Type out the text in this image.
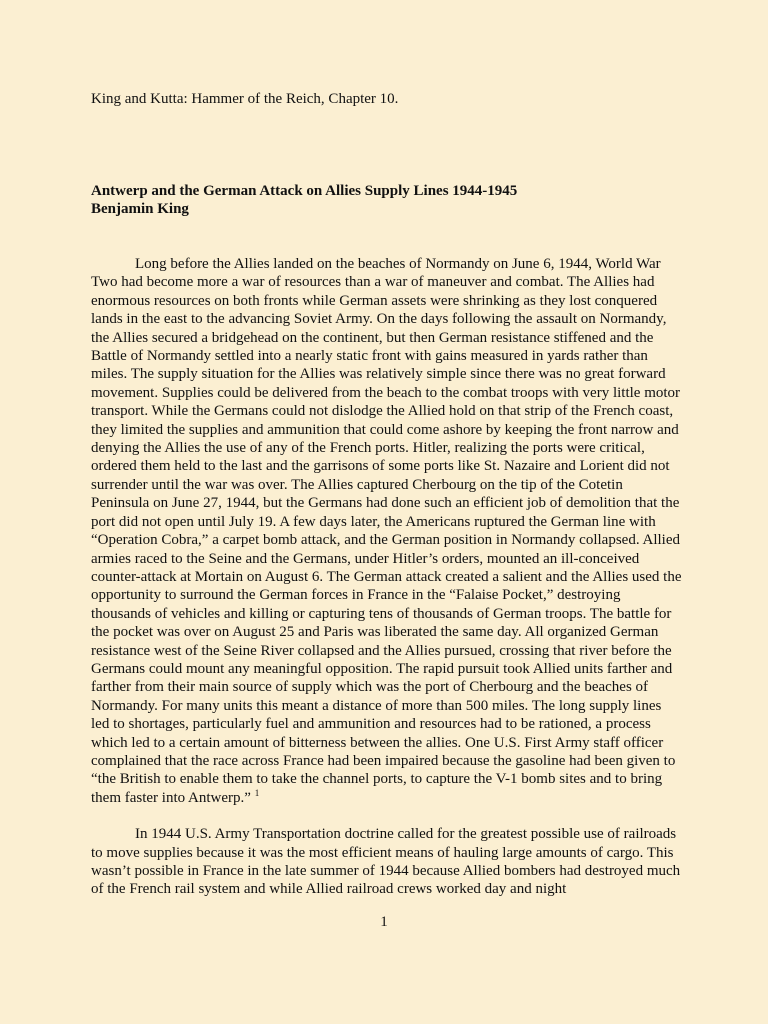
King and Kutta: Hammer of the Reich, Chapter 10.
Antwerp and the German Attack on Allies Supply Lines 1944-1945
Benjamin King

Long before the Allies landed on the beaches of Normandy on June 6, 1944, World War Two had become more a war of resources than a war of maneuver and combat. The Allies had enormous resources on both fronts while German assets were shrinking as they lost conquered lands in the east to the advancing Soviet Army. On the days following the assault on Normandy, the Allies secured a bridgehead on the continent, but then German resistance stiffened and the Battle of Normandy settled into a nearly static front with gains measured in yards rather than miles. The supply situation for the Allies was relatively simple since there was no great forward movement. Supplies could be delivered from the beach to the combat troops with very little motor transport. While the Germans could not dislodge the Allied hold on that strip of the French coast, they limited the supplies and ammunition that could come ashore by keeping the front narrow and denying the Allies the use of any of the French ports. Hitler, realizing the ports were critical, ordered them held to the last and the garrisons of some ports like St. Nazaire and Lorient did not surrender until the war was over. The Allies captured Cherbourg on the tip of the Cotetin Peninsula on June 27, 1944, but the Germans had done such an efficient job of demolition that the port did not open until July 19. A few days later, the Americans ruptured the German line with “Operation Cobra,” a carpet bomb attack, and the German position in Normandy collapsed. Allied armies raced to the Seine and the Germans, under Hitler’s orders, mounted an ill-conceived counter-attack at Mortain on August 6. The German attack created a salient and the Allies used the opportunity to surround the German forces in France in the “Falaise Pocket,” destroying thousands of vehicles and killing or capturing tens of thousands of German troops. The battle for the pocket was over on August 25 and Paris was liberated the same day. All organized German resistance west of the Seine River collapsed and the Allies pursued, crossing that river before the Germans could mount any meaningful opposition. The rapid pursuit took Allied units farther and farther from their main source of supply which was the port of Cherbourg and the beaches of Normandy. For many units this meant a distance of more than 500 miles. The long supply lines led to shortages, particularly fuel and ammunition and resources had to be rationed, a process which led to a certain amount of bitterness between the allies. One U.S. First Army staff officer complained that the race across France had been impaired because the gasoline had been given to “the British to enable them to take the channel ports, to capture the V-1 bomb sites and to bring them faster into Antwerp.” $^1$

In 1944 U.S. Army Transportation doctrine called for the greatest possible use of railroads to move supplies because it was the most efficient means of hauling large amounts of cargo. This wasn’t possible in France in the late summer of 1944 because Allied bombers had destroyed much of the French rail system and while Allied railroad crews worked day and night

1
